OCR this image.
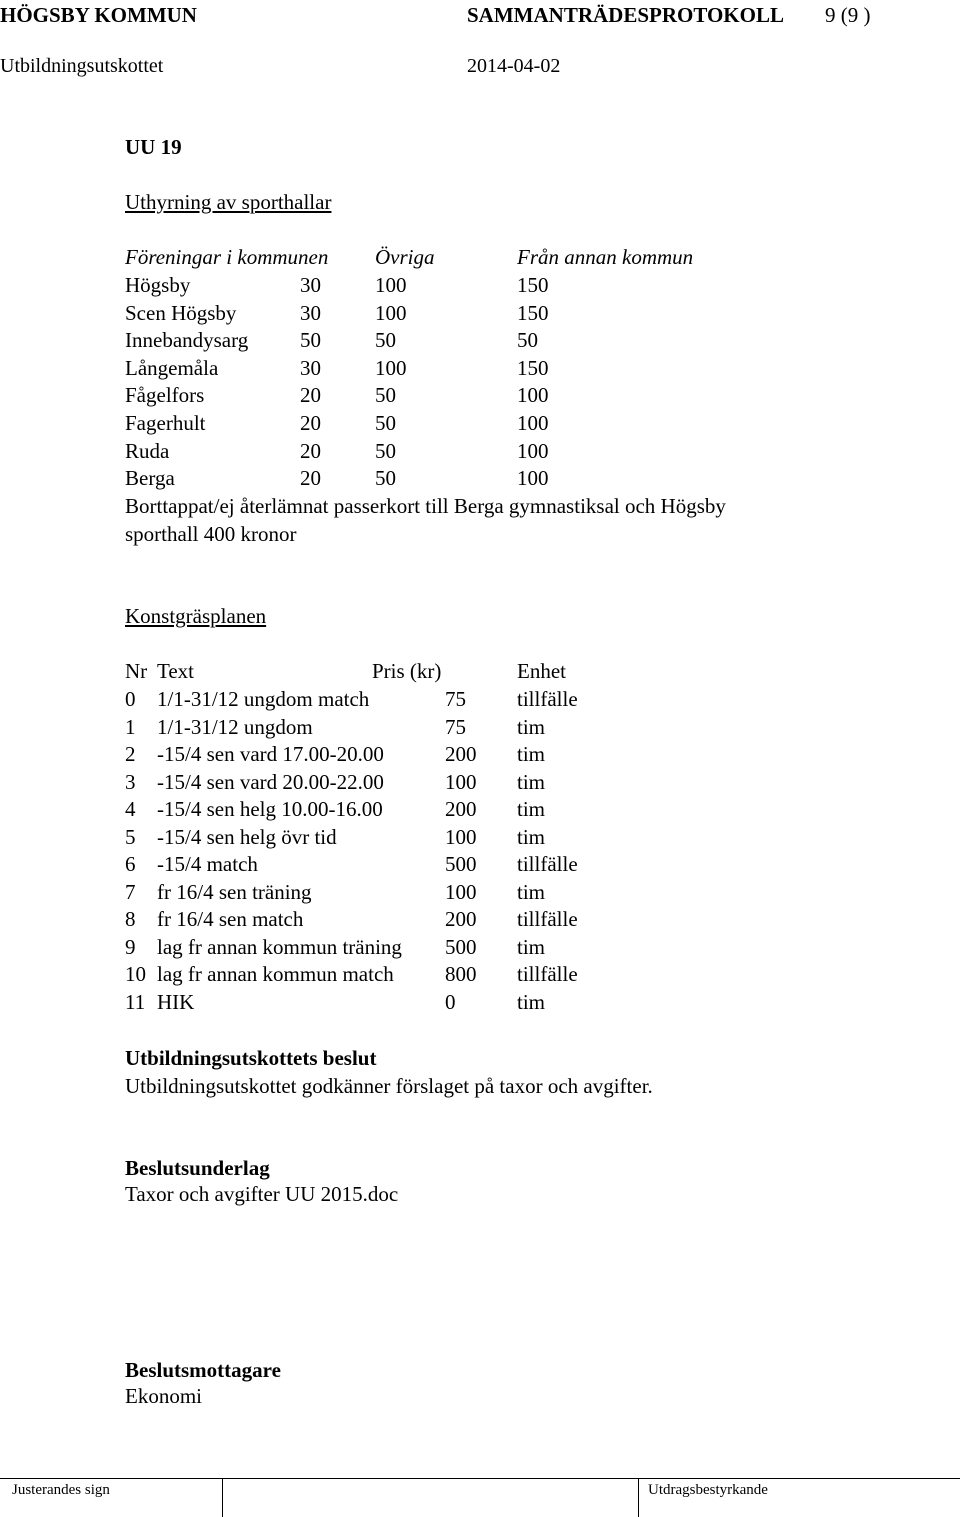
HÖGSBY KOMMUN	SAMMANTRÄDESPROTOKOLL 9 (9 )
Utbildningsutskottet	2014-04-02
UU 19
Uthyrning av sporthallar
Föreningar i kommunen Övriga	Från annan kommun
Högsby	30	100	150
Scen Högsby	30	100	150
Innebandysarg 50	50	50
Långemåla	30	100	150
Fågelfors	20	50	100
Fagerhult	20	50	100
Ruda	20	50	100
Berga	20	50	100
Borttappat/ej återlämnat passerkort till Berga gymnastiksal och Högsby
sporthall 400 kronor
Konstgräsplanen
Nr Text	Pris (kr)	Enhet
0 1/1-31/12 ungdom match	75 tillfälle
1 1/1-31/12 ungdom	75 tim
2 -15/4 sen vard 17.00-20.00	200 tim
3 -15/4 sen vard 20.00-22.00	100 tim
4 -15/4 sen helg 10.00-16.00	200 tim
5 -15/4 sen helg övr tid	100 tim
6 -15/4 match	500 tillfälle
7 fr 16/4 sen träning	100 tim
8 fr 16/4 sen match	200 tillfälle
9 lag fr annan kommun träning 500 tim
10 lag fr annan kommun match 800 tillfälle
11 HIK	0	tim
Utbildningsutskottets beslut
Utbildningsutskottet godkänner förslaget på taxor och avgifter.
Beslutsunderlag
Taxor och avgifter UU 2015.doc
Beslutsmottagare
Ekonomi
Justerandes sign	Utdragsbestyrkande
